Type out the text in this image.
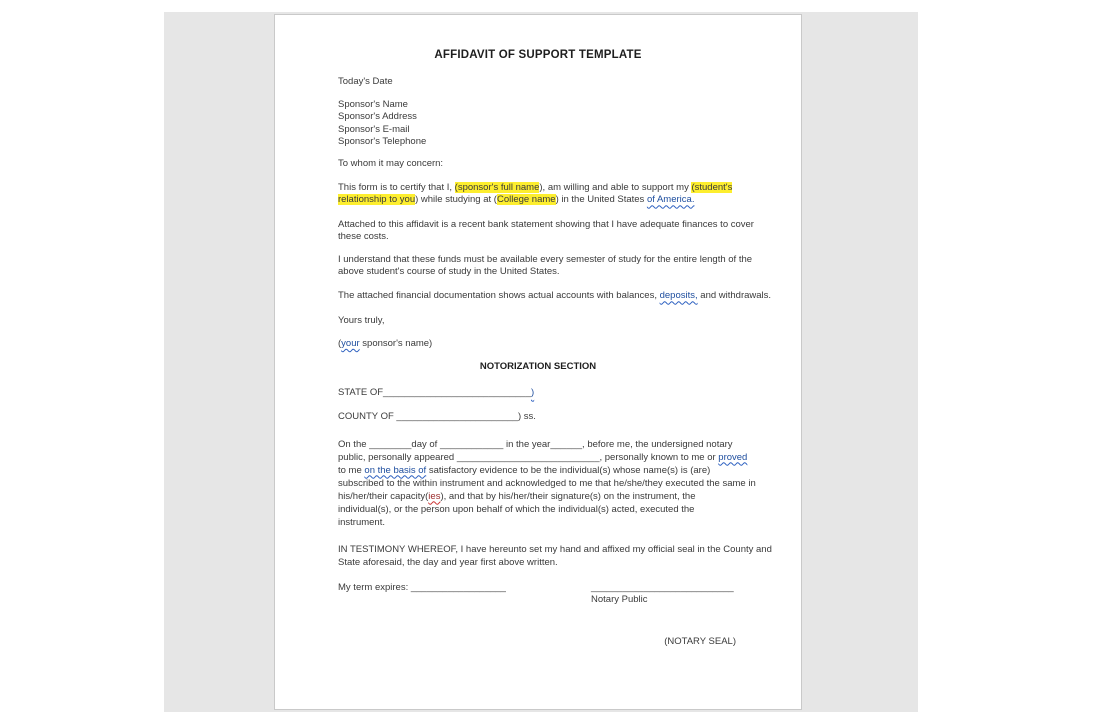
AFFIDAVIT OF SUPPORT TEMPLATE
Today's Date
Sponsor's Name
Sponsor's Address
Sponsor's E-mail
Sponsor's Telephone
To whom it may concern:
This form is to certify that I, (sponsor's full name), am willing and able to support my (student's
relationship to you) while studying at (College name) in the United States of America.
Attached to this affidavit is a recent bank statement showing that I have adequate finances to cover
these costs.
I understand that these funds must be available every semester of study for the entire length of the
above student's course of study in the United States.
The attached financial documentation shows actual accounts with balances, deposits, and withdrawals.
Yours truly,
(your sponsor's name)
NOTORIZATION SECTION
STATE OF____________________________)
COUNTY OF _______________________) ss.
On the ________day of ____________ in the year______, before me, the undersigned notary
public, personally appeared ___________________________, personally known to me or proved
to me on the basis of satisfactory evidence to be the individual(s) whose name(s) is (are)
subscribed to the within instrument and acknowledged to me that he/she/they executed the same in
his/her/their capacity(ies), and that by his/her/their signature(s) on the instrument, the
individual(s), or the person upon behalf of which the individual(s) acted, executed the
instrument.
IN TESTIMONY WHEREOF, I have hereunto set my hand and affixed my official seal in the County and
State aforesaid, the day and year first above written.
My term expires: __________________	___________________________
Notary Public
(NOTARY SEAL)
